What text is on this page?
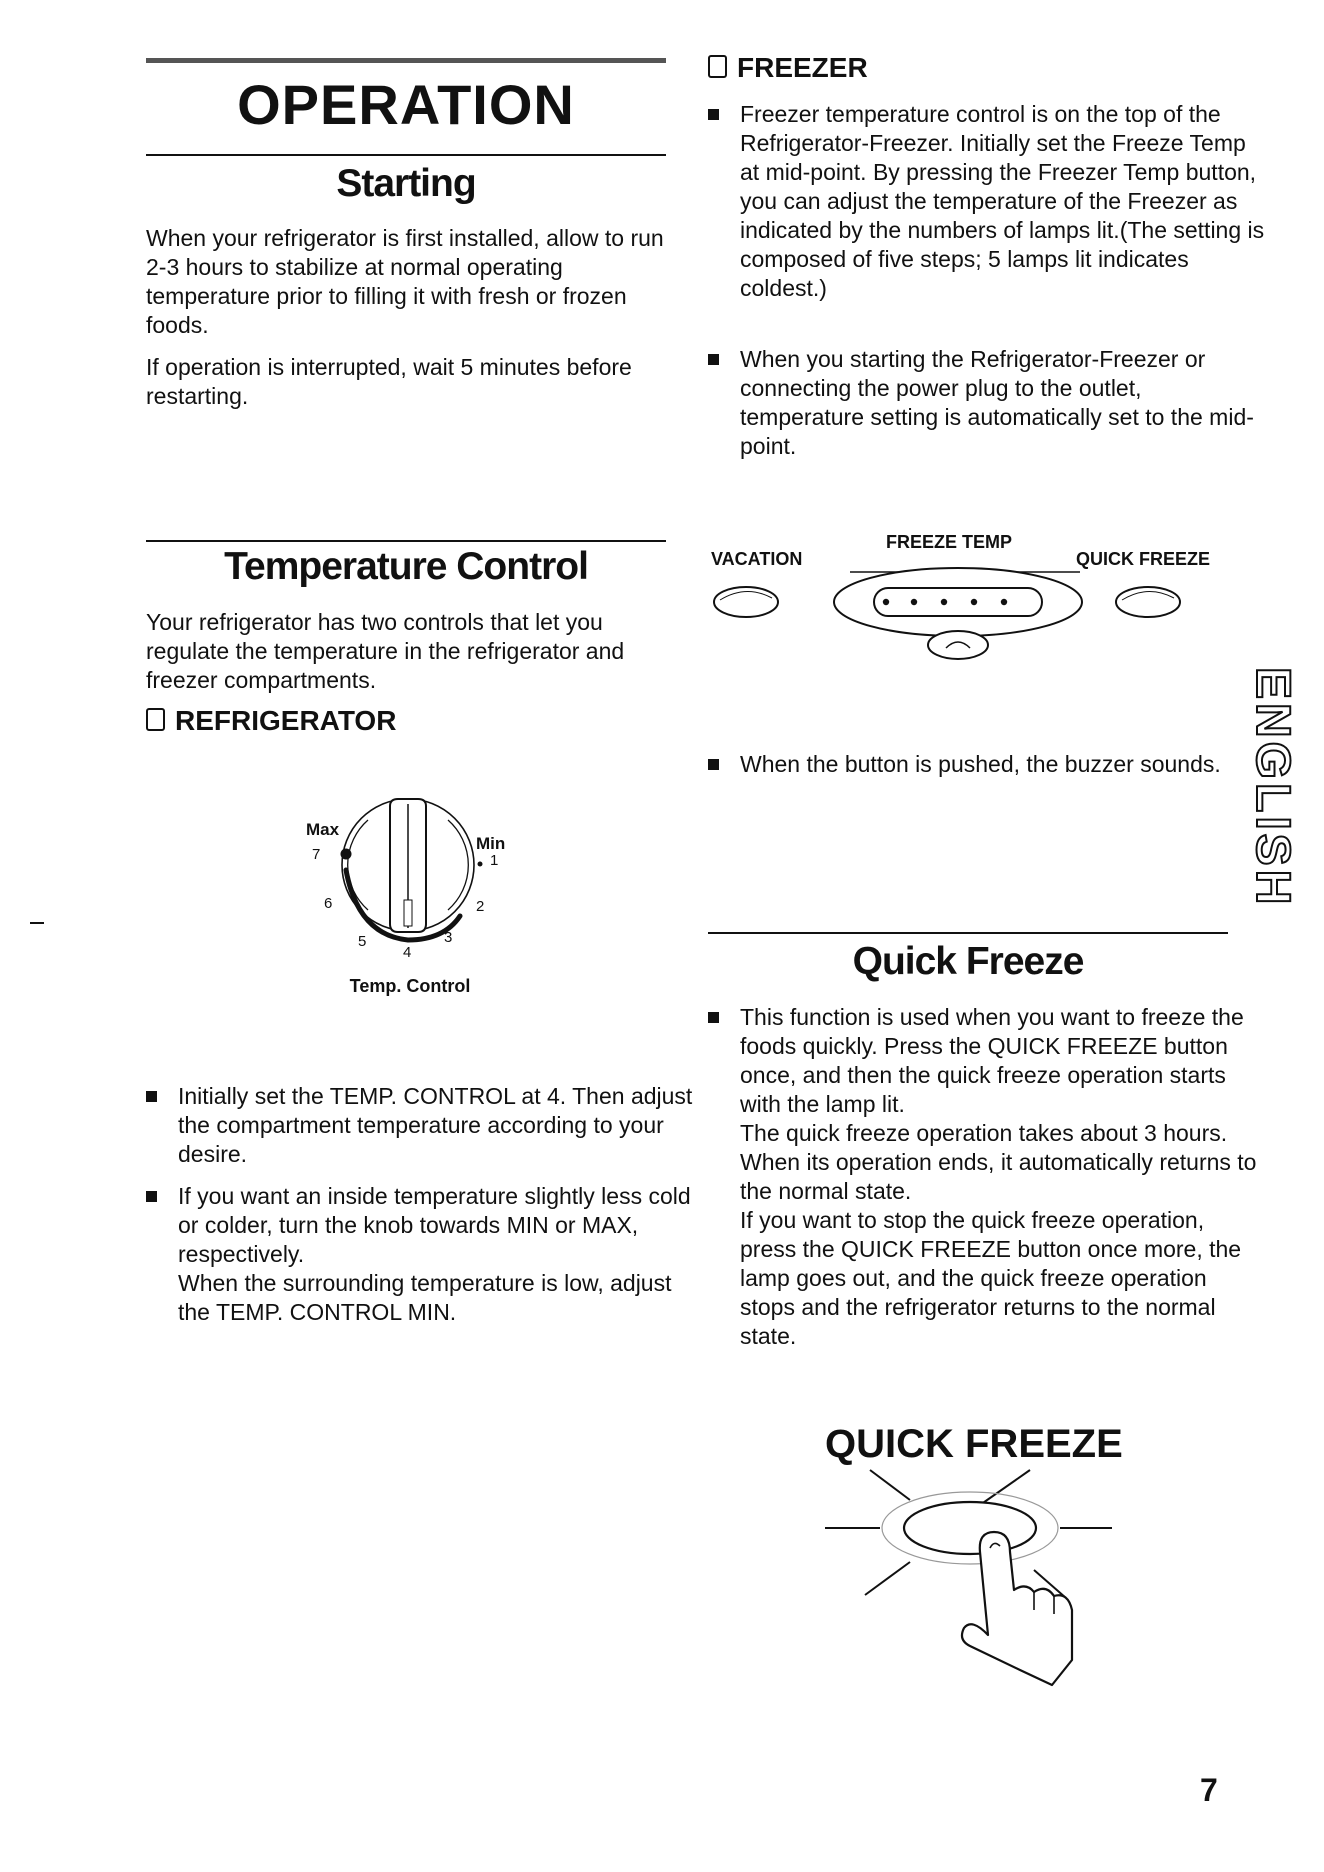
OPERATION
Starting

When your refrigerator is first installed, allow to run 2-3 hours to stabilize at normal operating temperature prior to filling it with fresh or frozen foods.

If operation is interrupted, wait 5 minutes before restarting.

Temperature Control

Your refrigerator has two controls that let you regulate the temperature in the refrigerator and freezer compartments.

REFRIGERATOR
Max
Min
7
6
5
4
3
2
1
Temp. Control

Initially set the TEMP. CONTROL at 4. Then adjust the compartment temperature according to your desire.

If you want an inside temperature slightly less cold or colder, turn the knob towards MIN or MAX, respectively.

When the surrounding temperature is low, adjust the TEMP. CONTROL MIN.

FREEZER

Freezer temperature control is on the top of the Refrigerator-Freezer. Initially set the Freeze Temp at mid-point. By pressing the Freezer Temp button, you can adjust the temperature of the Freezer as indicated by the numbers of lamps lit.(The setting is composed of five steps; 5 lamps lit indicates coldest.)

When you starting the Refrigerator-Freezer or connecting the power plug to the outlet, temperature setting is automatically set to the mid-point.

VACATION
FREEZE TEMP
QUICK FREEZE

When the button is pushed, the buzzer sounds.

Quick Freeze

This function is used when you want to freeze the foods quickly. Press the QUICK FREEZE button once, and then the quick freeze operation starts with the lamp lit.

The quick freeze operation takes about 3 hours.

When its operation ends, it automatically returns to the normal state.

If you want to stop the quick freeze operation, press the QUICK FREEZE button once more, the lamp goes out, and the quick freeze operation stops and the refrigerator returns to the normal state.

QUICK FREEZE
ENGLISH
7
